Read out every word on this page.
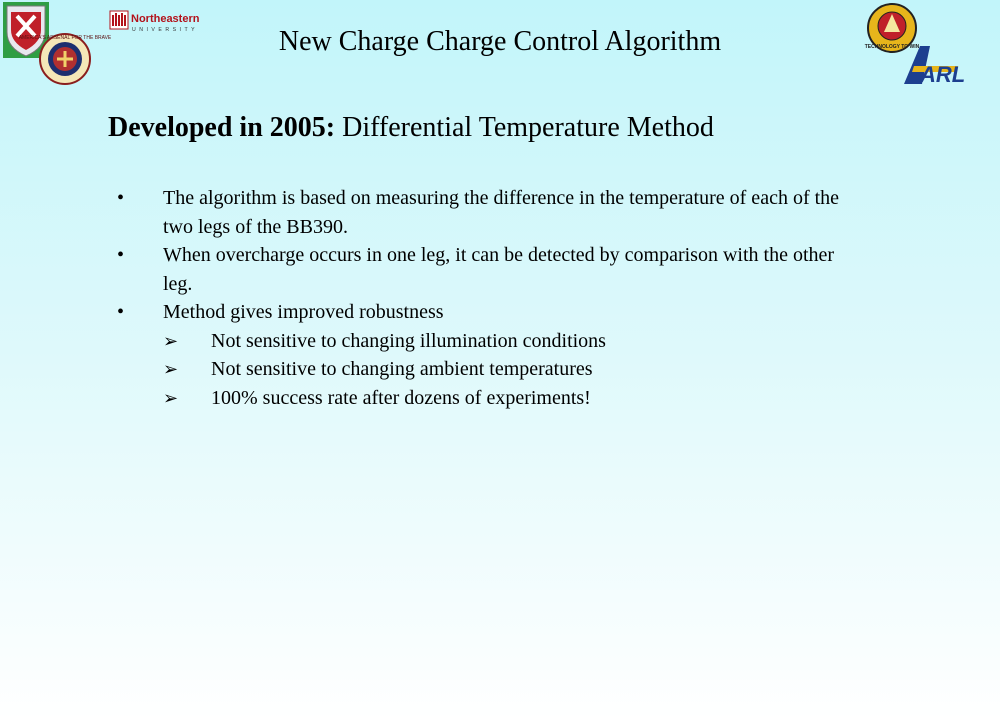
AMERICA'S ARSENAL FOR THE BRAVE
Northeastern
UNIVERSITY
TECHNOLOGY TO WIN
ARL
New Charge Charge Control Algorithm
Developed in 2005: Differential Temperature Method
• The algorithm is based on measuring the difference in the temperature of each of the two legs of the BB390.
• When overcharge occurs in one leg, it can be detected by comparison with the other leg.
• Method gives improved robustness
➢ Not sensitive to changing illumination conditions
➢ Not sensitive to changing ambient temperatures
➢ 100% success rate after dozens of experiments!
